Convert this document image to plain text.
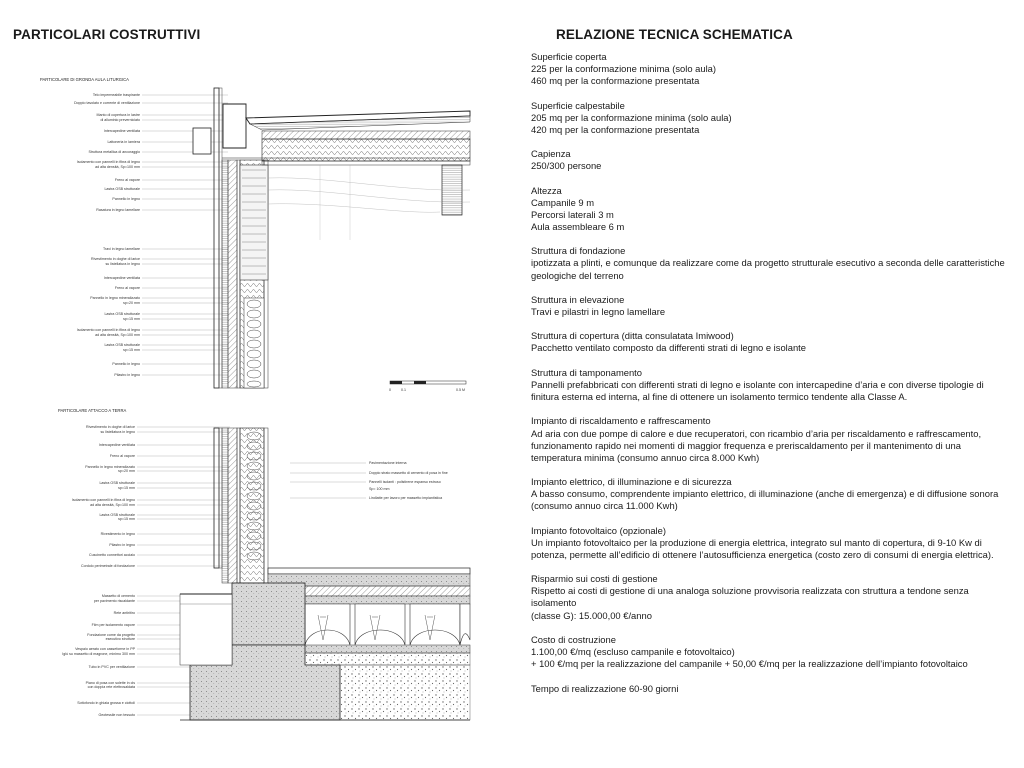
PARTICOLARI COSTRUTTIVI	RELAZIONE TECNICA SCHEMATICA
PARTICOLARE DI GRONDA AULA LITURGICA
Telo impermeabile traspirante
Doppio tavolato e corrente di ventilazione
Manto di copertura in lastre
di alluminio preverniciato
Intercapedine ventilata
Lattoneria in lamiera
Struttura metallica di ancoraggio
Isolamento con pannelli in fibra di legno
ad alta densità, Sp=100 mm
Freno al vapore
Lastra OSB strutturale
Pannello in legno
Rasatura in legno lamellare
Travi in legno lamellare
Rivestimento in doghe di larice
su listellatura in legno
Intercapedine ventilata
Freno al vapore
Pannello in legno mineralizzato
sp=20 mm
Lastra OSB strutturale
sp=15 mm
Isolamento con pannelli in fibra di legno
ad alta densità, Sp=100 mm
Lastra OSB strutturale
sp=15 mm
Pannello in legno
Pilastro in legno
0	0.1	0.5 M
PARTICOLARE ATTACCO A TERRA
Rivestimento in doghe di larice
su listellatura in legno
Intercapedine ventilata
Freno al vapore
Pannello in legno mineralizzato
sp=20 mm
Lastra OSB strutturale
sp=15 mm
Isolamento con pannelli in fibra di legno
ad alta densità, Sp=100 mm
Lastra OSB strutturale
sp=15 mm
Rivestimento in legno
Pilastro in legno
Cuscinetto connettori acciaio
Cordolo perimetrale di fondazione
Massetto di cemento
per pavimento riscaldante
Rete antiritiro
Film per isolamento vapore
Fondazione come da progetto
esecutivo strutture
Vespaio aerato con casseforme in PP
Iglù su massetto di magrone, minimo 300 mm
Tubo in PVC per ventilazione
Piano di posa con solette in cls
con doppia rete elettrosaldata
Sottofondo in ghiaia grossa e ciottoli
Geotessile non tessuto
Pavimentazione interna
Doppio strato massetto di cemento di posa in fine
Pannelli isolanti : polistirene espanso estruso
Sp= 100 mm
Lindlatte per lavoro per massetto impiantistica

Superficie coperta

225 per la conformazione minima (solo aula)

460 mq per la conformazione presentata

Superficie calpestabile

205 mq per la conformazione minima (solo aula)

420 mq per la conformazione presentata

Capienza

250/300 persone

Altezza

Campanile 9 m

Percorsi laterali 3 m

Aula assembleare 6 m

Struttura di fondazione

ipotizzata a plinti, e comunque da realizzare come da progetto strutturale esecutivo a seconda delle caratteristiche

geologiche del terreno

Struttura in elevazione

Travi e pilastri in legno lamellare

Struttura di copertura (ditta consulatata Imiwood)

Pacchetto ventilato composto da differenti strati di legno e isolante

Struttura di tamponamento

Pannelli prefabbricati con differenti strati di legno e isolante con intercapedine d’aria e con diverse tipologie di

finitura esterna ed interna, al fine di ottenere un isolamento termico tendente alla Classe A.

Impianto di riscaldamento e raffrescamento

Ad aria con due pompe di calore e due recuperatori, con ricambio d’aria per riscaldamento e raffrescamento,

funzionamento rapido nei momenti di maggior frequenza e preriscaldamento per il mantenimento di una

temperatura minima (consumo annuo circa 8.000 Kwh)

Impianto elettrico, di illuminazione e di sicurezza

A basso consumo, comprendente impianto elettrico, di illuminazione (anche di emergenza) e di diffusione sonora

(consumo annuo circa 11.000 Kwh)

Impianto fotovoltaico (opzionale)

Un impianto fotovoltaico per la produzione di energia elettrica, integrato sul manto di copertura, di 9-10 Kw di

potenza, permette all’edificio di ottenere l’autosufficienza energetica (costo zero di consumi di energia elettrica).

Risparmio sui costi di gestione

Rispetto ai costi di gestione di una analoga soluzione provvisoria realizzata con struttura a tendone senza isolamento

(classe G): 15.000,00 €/anno

Costo di costruzione

1.100,00 €/mq (escluso campanile e fotovoltaico)

+ 100 €/mq per la realizzazione del campanile + 50,00 €/mq per la realizzazione dell’impianto fotovoltaico

Tempo di realizzazione 60-90 giorni
